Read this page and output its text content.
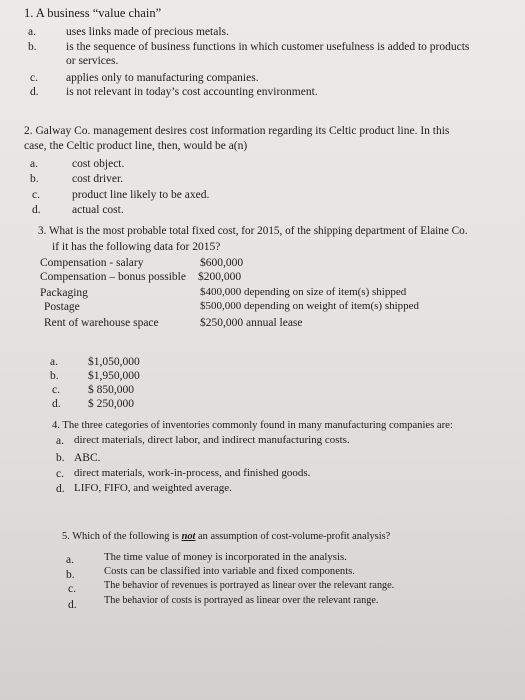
1. A business “value chain”
a.	uses links made of precious metals.
b.	is the sequence of business functions in which customer usefulness is added to products
or services.
c. applies only to manufacturing companies.
d. is not relevant in today’s cost accounting environment.
2. Galway Co. management desires cost information regarding its Celtic product line. In this
case, the Celtic product line, then, would be a(n)
a.	cost object.
b.	cost driver.
c.	product line likely to be axed.
d.	actual cost.
3. What is the most probable total fixed cost, for 2015, of the shipping department of Elaine Co.
if it has the following data for 2015?
Compensation - salary	$600,000
Compensation – bonus possible $200,000
Packaging	$400,000 depending on size of item(s) shipped
Postage	$500,000 depending on weight of item(s) shipped
Rent of warehouse space	$250,000 annual lease
a.	$1,050,000
b.	$1,950,000
c. $ 850,000
d. $ 250,000
4. The three categories of inventories commonly found in many manufacturing companies are:
a. direct materials, direct labor, and indirect manufacturing costs.
b. ABC.
c. direct materials, work-in-process, and finished goods.
d. LIFO, FIFO, and weighted average.
5. Which of the following is not an assumption of cost-volume-profit analysis?
a.	The time value of money is incorporated in the analysis.
b.	Costs can be classified into variable and fixed components.
c.	The behavior of revenues is portrayed as linear over the relevant range.
d.	The behavior of costs is portrayed as linear over the relevant range.
